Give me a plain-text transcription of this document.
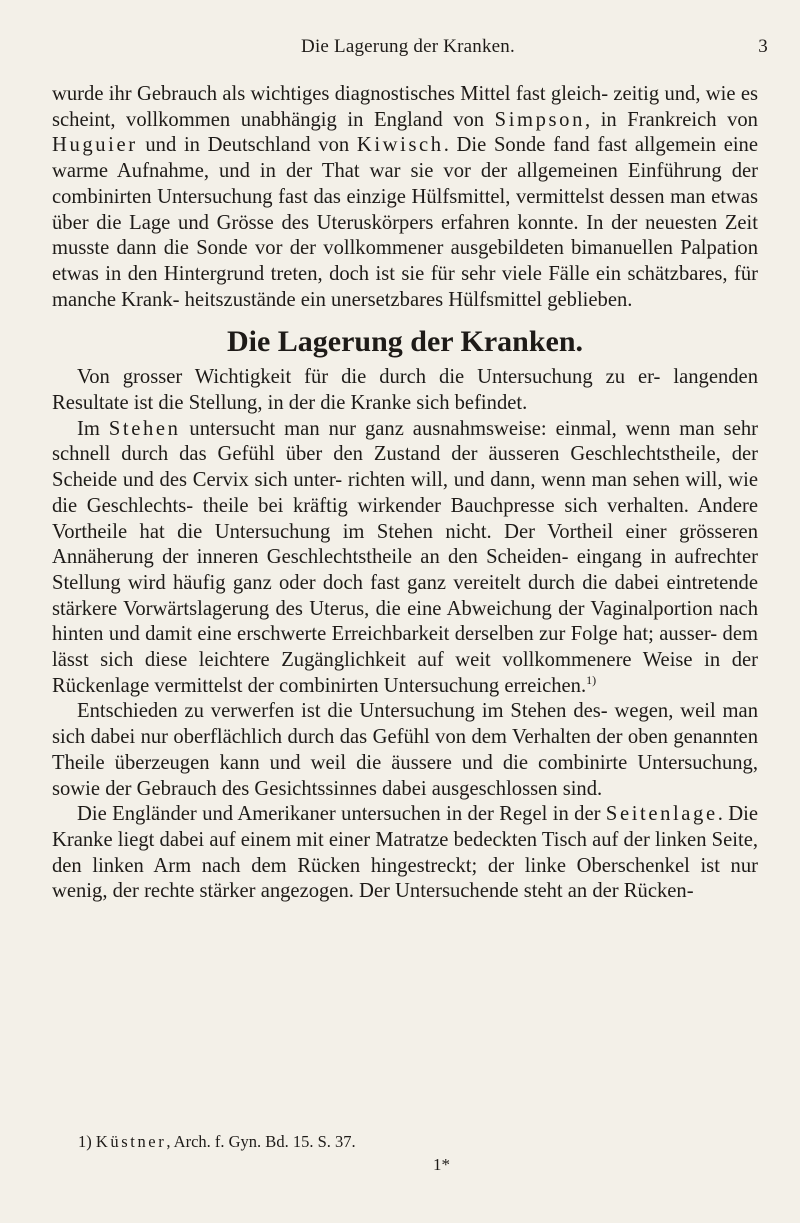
Die Lagerung der Kranken.	3

wurde ihr Gebrauch als wichtiges diagnostisches Mittel fast gleich- zeitig und, wie es scheint, vollkommen unabhängig in England von Simpson, in Frankreich von Huguier und in Deutschland von Kiwisch. Die Sonde fand fast allgemein eine warme Aufnahme, und in der That war sie vor der allgemeinen Einführung der combinirten Untersuchung fast das einzige Hülfsmittel, vermittelst dessen man etwas über die Lage und Grösse des Uteruskörpers erfahren konnte. In der neuesten Zeit musste dann die Sonde vor der vollkommener ausgebildeten bimanuellen Palpation etwas in den Hintergrund treten, doch ist sie für sehr viele Fälle ein schätzbares, für manche Krank- heitszustände ein unersetzbares Hülfsmittel geblieben.

Die Lagerung der Kranken.

Von grosser Wichtigkeit für die durch die Untersuchung zu er- langenden Resultate ist die Stellung, in der die Kranke sich befindet.

Im Stehen untersucht man nur ganz ausnahmsweise: einmal, wenn man sehr schnell durch das Gefühl über den Zustand der äusseren Geschlechtstheile, der Scheide und des Cervix sich unter- richten will, und dann, wenn man sehen will, wie die Geschlechts- theile bei kräftig wirkender Bauchpresse sich verhalten. Andere Vortheile hat die Untersuchung im Stehen nicht. Der Vortheil einer grösseren Annäherung der inneren Geschlechtstheile an den Scheiden- eingang in aufrechter Stellung wird häufig ganz oder doch fast ganz vereitelt durch die dabei eintretende stärkere Vorwärtslagerung des Uterus, die eine Abweichung der Vaginalportion nach hinten und damit eine erschwerte Erreichbarkeit derselben zur Folge hat; ausser- dem lässt sich diese leichtere Zugänglichkeit auf weit vollkommenere Weise in der Rückenlage vermittelst der combinirten Untersuchung erreichen.$^{1)}$

Entschieden zu verwerfen ist die Untersuchung im Stehen des- wegen, weil man sich dabei nur oberflächlich durch das Gefühl von dem Verhalten der oben genannten Theile überzeugen kann und weil die äussere und die combinirte Untersuchung, sowie der Gebrauch des Gesichtssinnes dabei ausgeschlossen sind.

Die Engländer und Amerikaner untersuchen in der Regel in der Seitenlage. Die Kranke liegt dabei auf einem mit einer Matratze bedeckten Tisch auf der linken Seite, den linken Arm nach dem Rücken hingestreckt; der linke Oberschenkel ist nur wenig, der rechte stärker angezogen. Der Untersuchende steht an der Rücken-

1) Küstner, Arch. f. Gyn. Bd. 15. S. 37.
1*
